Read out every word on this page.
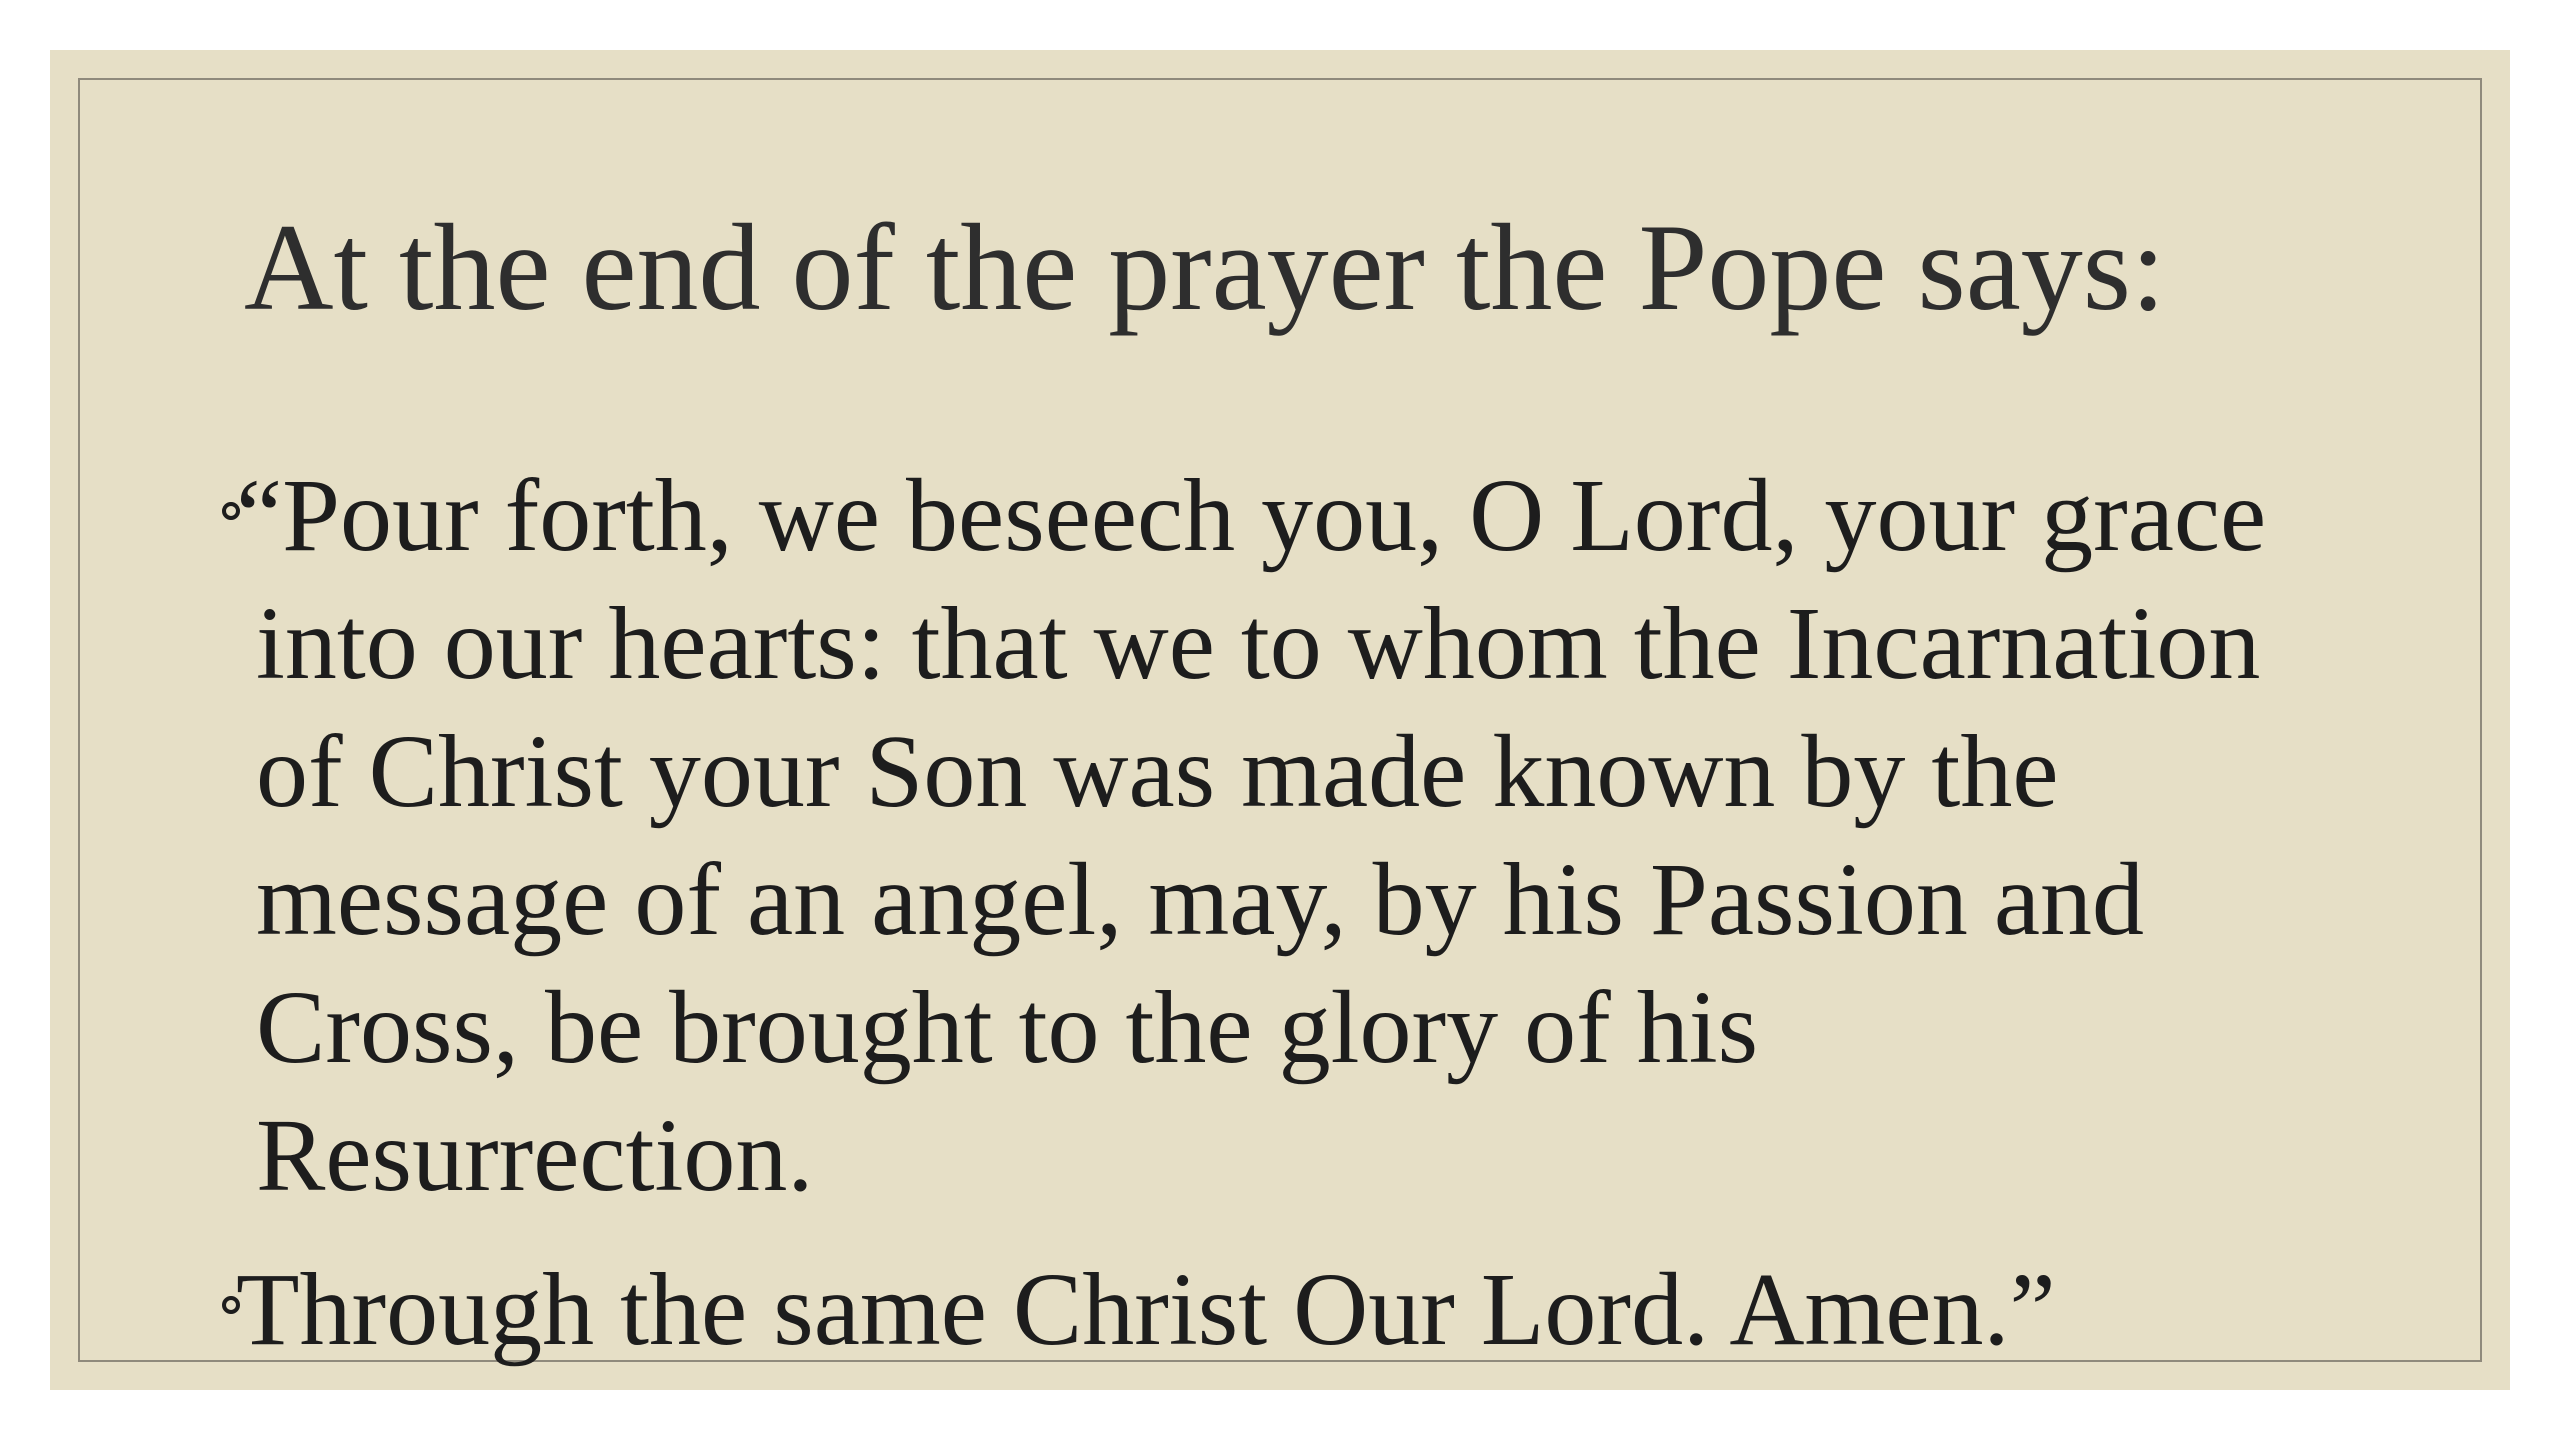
At the end of the prayer the Pope says:
“Pour forth, we beseech you, O Lord, your grace
into our hearts: that we to whom the Incarnation
of Christ your Son was made known by the
message of an angel, may, by his Passion and
Cross, be brought to the glory of his
Resurrection.
Through the same Christ Our Lord. Amen.”
